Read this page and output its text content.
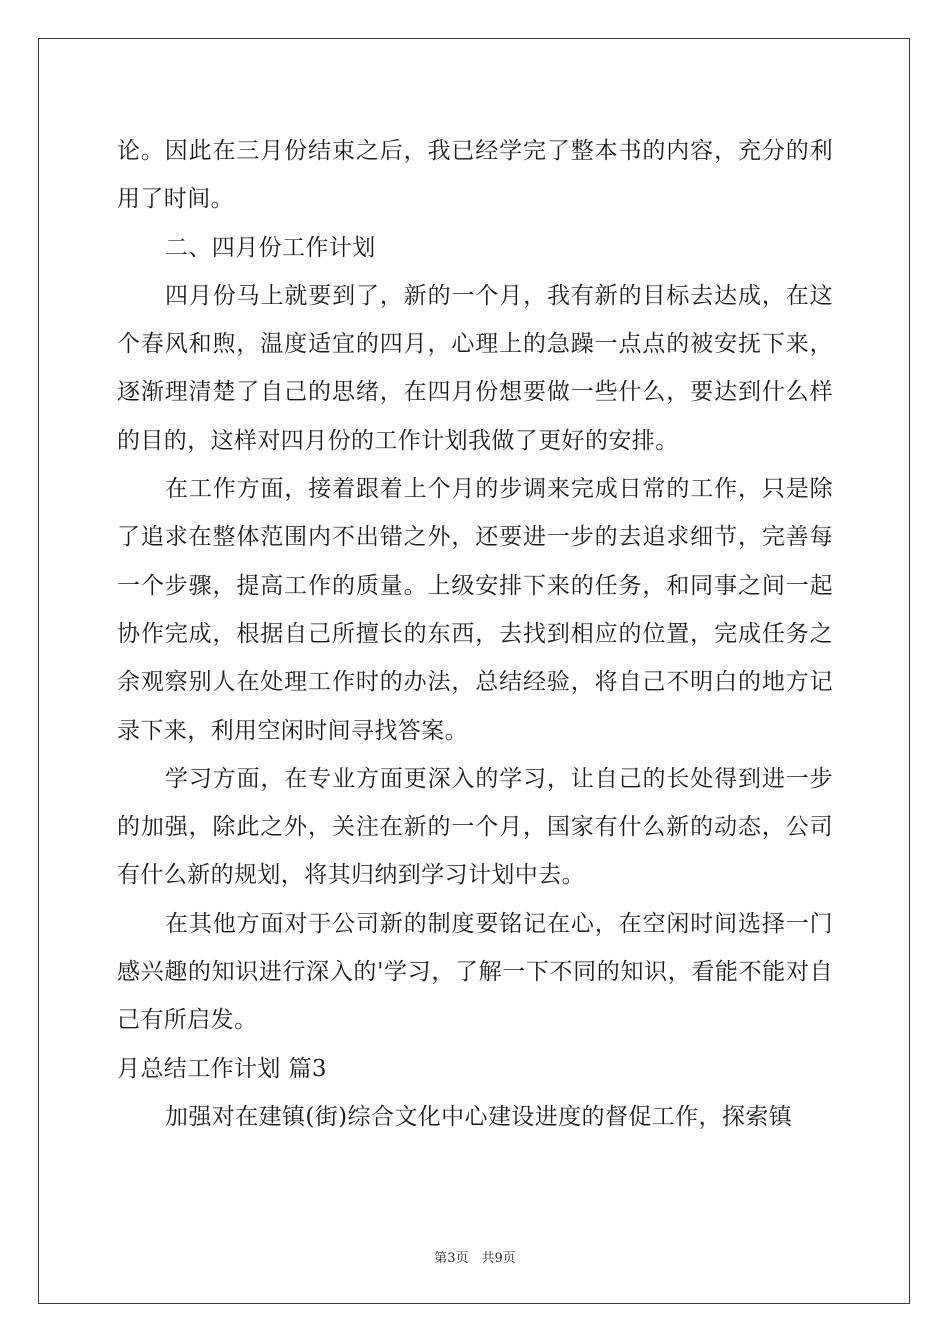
论。因此在三月份结束之后，我已经学完了整本书的内容，充分的利用了时间。

二、四月份工作计划

四月份马上就要到了，新的一个月，我有新的目标去达成，在这个春风和煦，温度适宜的四月，心理上的急躁一点点的被安抚下来，逐渐理清楚了自己的思绪，在四月份想要做一些什么，要达到什么样的目的，这样对四月份的工作计划我做了更好的安排。

在工作方面，接着跟着上个月的步调来完成日常的工作，只是除了追求在整体范围内不出错之外，还要进一步的去追求细节，完善每一个步骤，提高工作的质量。上级安排下来的任务，和同事之间一起协作完成，根据自己所擅长的东西，去找到相应的位置，完成任务之余观察别人在处理工作时的办法，总结经验，将自己不明白的地方记录下来，利用空闲时间寻找答案。

学习方面，在专业方面更深入的学习，让自己的长处得到进一步的加强，除此之外，关注在新的一个月，国家有什么新的动态，公司有什么新的规划，将其归纳到学习计划中去。

在其他方面对于公司新的制度要铭记在心，在空闲时间选择一门感兴趣的知识进行深入的'学习，了解一下不同的知识，看能不能对自己有所启发。

月总结工作计划 篇3

加强对在建镇(街)综合文化中心建设进度的督促工作，探索镇

第3页　共9页
